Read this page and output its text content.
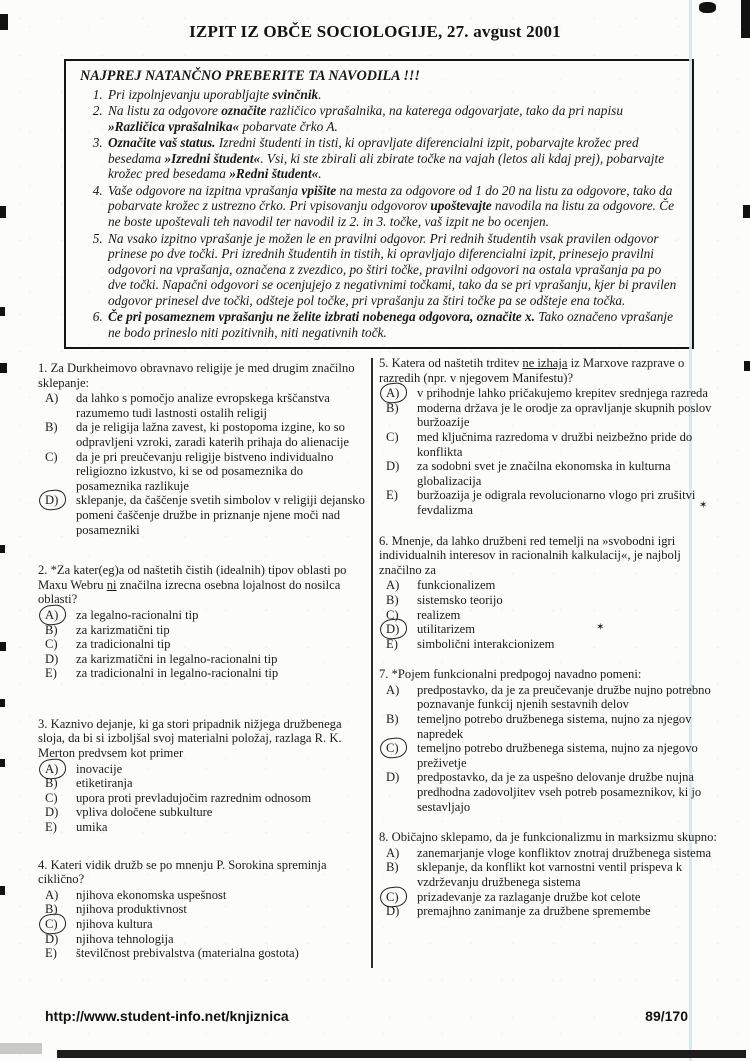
IZPIT IZ OBČE SOCIOLOGIJE, 27. avgust 2001
NAJPREJ NATANČNO PREBERITE TA NAVODILA !!!
1. Pri izpolnjevanju uporabljajte svinčnik.
2. Na listu za odgovore označite različico vprašalnika, na katerega odgovarjate, tako da pri napisu »Različica vprašalnika« pobarvate črko A.
3. Označite vaš status. Izredni študenti in tisti, ki opravljate diferencialni izpit, pobarvajte krožec pred besedama »Izredni študent«. Vsi, ki ste zbirali ali zbirate točke na vajah (letos ali kdaj prej), pobarvajte krožec pred besedama »Redni študent«.
4. Vaše odgovore na izpitna vprašanja vpišite na mesta za odgovore od 1 do 20 na listu za odgovore, tako da pobarvate krožec z ustrezno črko. Pri vpisovanju odgovorov upoštevajte navodila na listu za odgovore. Če ne boste upoštevali teh navodil ter navodil iz 2. in 3. točke, vaš izpit ne bo ocenjen.
5. Na vsako izpitno vprašanje je možen le en pravilni odgovor. Pri rednih študentih vsak pravilen odgovor prinese po dve točki. Pri izrednih študentih in tistih, ki opravljajo diferencialni izpit, prinesejo pravilni odgovori na vprašanja, označena z zvezdico, po štiri točke, pravilni odgovori na ostala vprašanja pa po dve točki. Napačni odgovori se ocenjujejo z negativnimi točkami, tako da se pri vprašanju, kjer bi pravilen odgovor prinesel dve točki, odšteje pol točke, pri vprašanju za štiri točke pa se odšteje ena točka.
6. Če pri posameznem vprašanju ne želite izbrati nobenega odgovora, označite x. Tako označeno vprašanje ne bodo prineslo niti pozitivnih, niti negativnih točk.

1. Za Durkheimovo obravnavo religije je med drugim značilno sklepanje:

A)	da lahko s pomočjo analize evropskega krščanstva razumemo tudi lastnosti ostalih religij
B)	da je religija lažna zavest, ki postopoma izgine, ko so odpravljeni vzroki, zaradi katerih prihaja do alienacije
C)	da je pri preučevanju religije bistveno individualno religiozno izkustvo, ki se od posameznika do posameznika razlikuje
D)	sklepanje, da čaščenje svetih simbolov v religiji dejansko pomeni čaščenje družbe in priznanje njene moči nad posamezniki

2. *Za kater(eg)a od naštetih čistih (idealnih) tipov oblasti po Maxu Webru ni značilna izrecna osebna lojalnost do nosilca oblasti?

A)	za legalno-racionalni tip
B)	za karizmatični tip
C)	za tradicionalni tip
D)	za karizmatični in legalno-racionalni tip
E)	za tradicionalni in legalno-racionalni tip

3. Kaznivo dejanje, ki ga stori pripadnik nižjega družbenega sloja, da bi si izboljšal svoj materialni položaj, razlaga R. K. Merton predvsem kot primer

A)	inovacije
B)	etiketiranja
C)	upora proti prevladujočim razrednim odnosom
D)	vpliva določene subkulture
E)	umika

4. Kateri vidik družb se po mnenju P. Sorokina spreminja ciklično?

A)	njihova ekonomska uspešnost
B)	njihova produktivnost
C)	njihova kultura
D)	njihova tehnologija
E)	številčnost prebivalstva (materialna gostota)

5. Katera od naštetih trditev ne izhaja iz Marxove razprave o razredih (npr. v njegovem Manifestu)?

A)	v prihodnje lahko pričakujemo krepitev srednjega razreda
B)	moderna država je le orodje za opravljanje skupnih poslov buržoazije
C)	med ključnima razredoma v družbi neizbežno pride do konflikta
D)	za sodobni svet je značilna ekonomska in kulturna globalizacija
E)	buržoazija je odigrala revolucionarno vlogo pri zrušitvi fevdalizma

6. Mnenje, da lahko družbeni red temelji na »svobodni igri individualnih interesov in racionalnih kalkulacij«, je najbolj značilno za

A)	funkcionalizem
B)	sistemsko teorijo
C)	realizem
D)	utilitarizem
E)	simbolični interakcionizem

7. *Pojem funkcionalni predpogoj navadno pomeni:

A)	predpostavko, da je za preučevanje družbe nujno potrebno poznavanje funkcij njenih sestavnih delov
B)	temeljno potrebo družbenega sistema, nujno za njegov napredek
C)	temeljno potrebo družbenega sistema, nujno za njegovo preživetje
D)	predpostavko, da je za uspešno delovanje družbe nujna predhodna zadovoljitev vseh potreb posameznikov, ki jo sestavljajo

8. Običajno sklepamo, da je funkcionalizmu in marksizmu skupno:

A)	zanemarjanje vloge konfliktov znotraj družbenega sistema
B)	sklepanje, da konflikt kot varnostni ventil prispeva k vzdrževanju družbenega sistema
C)	prizadevanje za razlaganje družbe kot celote
D)	premajhno zanimanje za družbene spremembe
http://www.student-info.net/knjiznica	89/170
✶
✶
